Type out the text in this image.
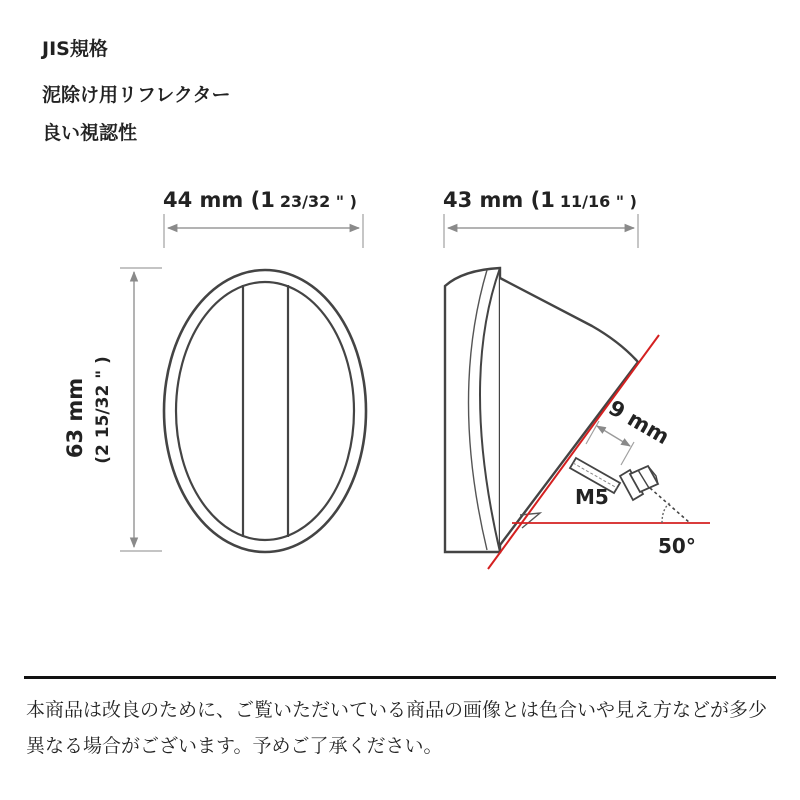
JIS規格

泥除け用リフレクター

良い視認性

44 mm (1 23/32 " )	43 mm (1 11/16 " )
63 mm (2 15/32 " )	9 mm
M5
50°

本商品は改良のために、ご覧いただいている商品の画像とは色合いや見え方などが多少異なる場合がございます。予めご了承ください。
